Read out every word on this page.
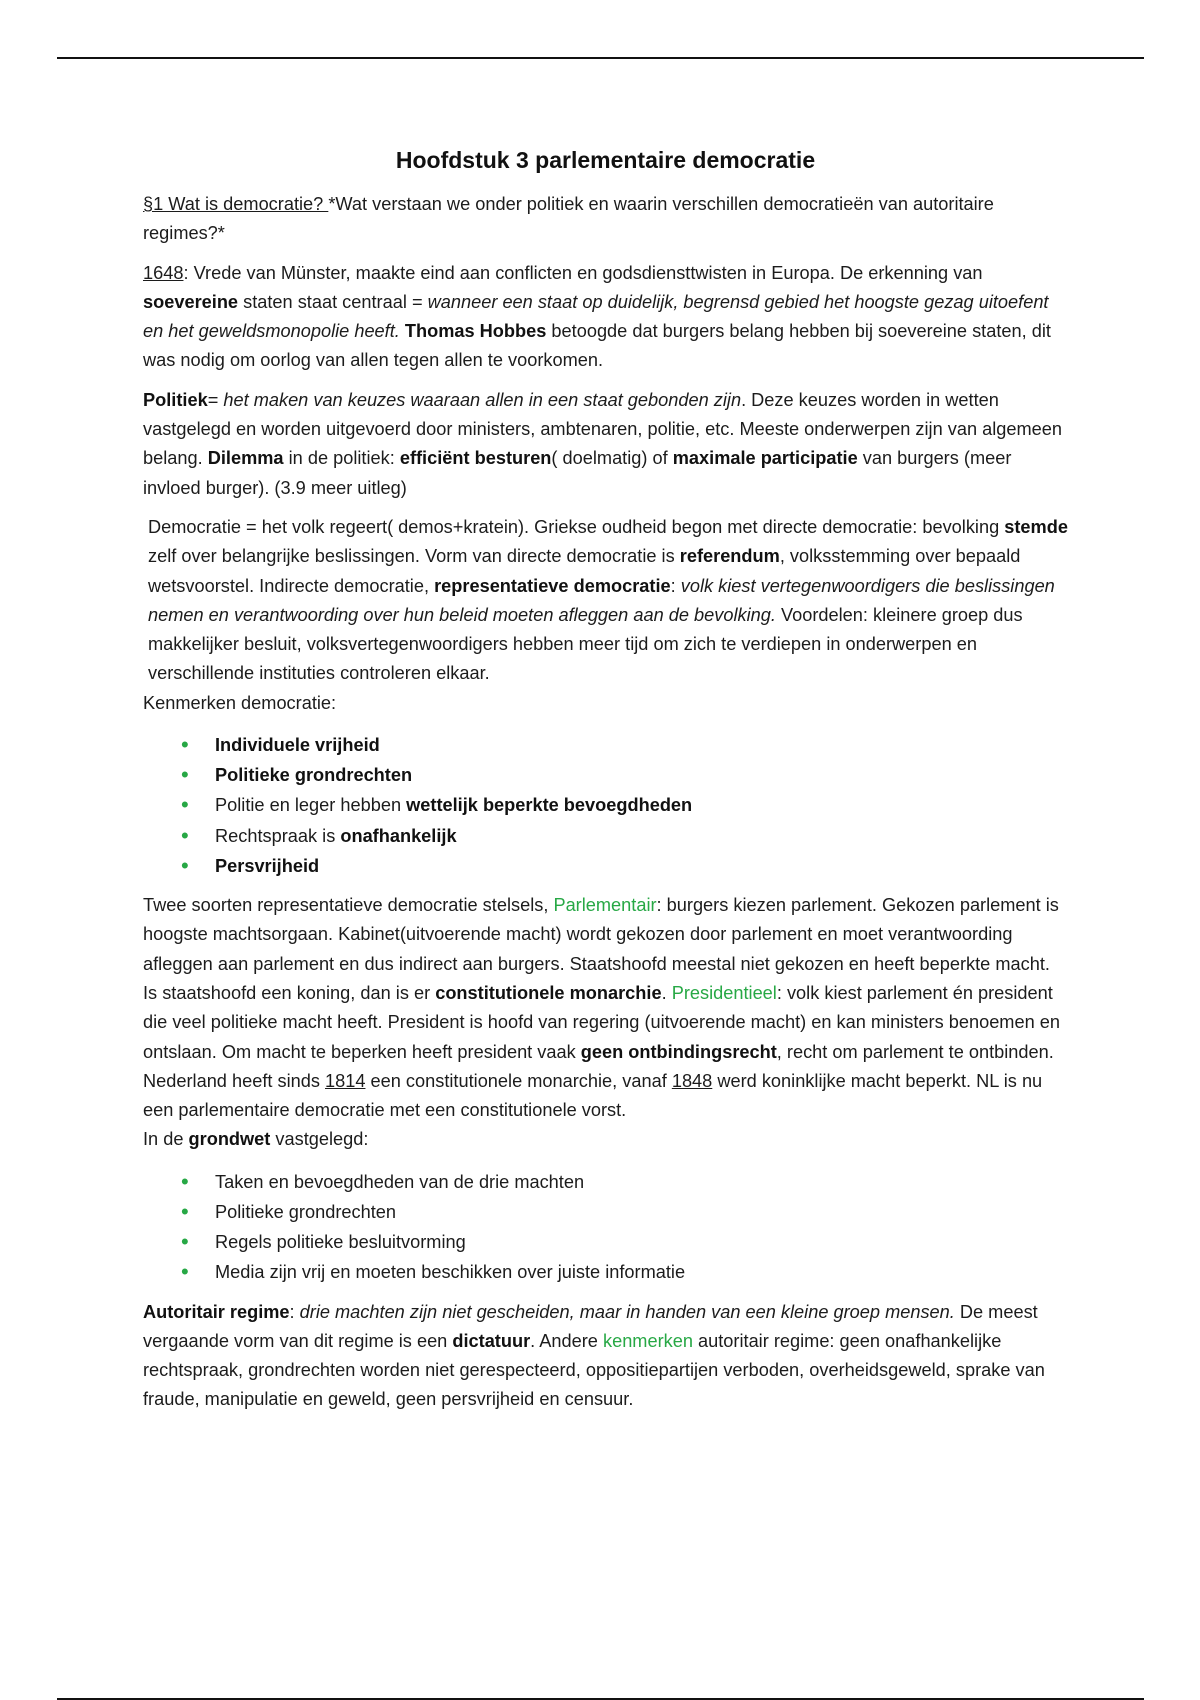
Hoofdstuk 3 parlementaire democratie

§1 Wat is democratie? *Wat verstaan we onder politiek en waarin verschillen democratieën van autoritaire regimes?*

1648: Vrede van Münster, maakte eind aan conflicten en godsdiensttwisten in Europa. De erkenning van soevereine staten staat centraal = wanneer een staat op duidelijk, begrensd gebied het hoogste gezag uitoefent en het geweldsmonopolie heeft. Thomas Hobbes betoogde dat burgers belang hebben bij soevereine staten, dit was nodig om oorlog van allen tegen allen te voorkomen.

Politiek= het maken van keuzes waaraan allen in een staat gebonden zijn. Deze keuzes worden in wetten vastgelegd en worden uitgevoerd door ministers, ambtenaren, politie, etc. Meeste onderwerpen zijn van algemeen belang. Dilemma in de politiek: efficiënt besturen( doelmatig) of maximale participatie van burgers (meer invloed burger). (3.9 meer uitleg)

Democratie = het volk regeert( demos+kratein). Griekse oudheid begon met directe democratie: bevolking stemde zelf over belangrijke beslissingen. Vorm van directe democratie is referendum, volksstemming over bepaald wetsvoorstel. Indirecte democratie, representatieve democratie: volk kiest vertegenwoordigers die beslissingen nemen en verantwoording over hun beleid moeten afleggen aan de bevolking. Voordelen: kleinere groep dus makkelijker besluit, volksvertegenwoordigers hebben meer tijd om zich te verdiepen in onderwerpen en verschillende instituties controleren elkaar.

Kenmerken democratie:

• Individuele vrijheid
• Politieke grondrechten
• Politie en leger hebben wettelijk beperkte bevoegdheden
• Rechtspraak is onafhankelijk
• Persvrijheid

Twee soorten representatieve democratie stelsels, Parlementair: burgers kiezen parlement. Gekozen parlement is hoogste machtsorgaan. Kabinet(uitvoerende macht) wordt gekozen door parlement en moet verantwoording afleggen aan parlement en dus indirect aan burgers. Staatshoofd meestal niet gekozen en heeft beperkte macht. Is staatshoofd een koning, dan is er constitutionele monarchie. Presidentieel: volk kiest parlement én president die veel politieke macht heeft. President is hoofd van regering (uitvoerende macht) en kan ministers benoemen en ontslaan. Om macht te beperken heeft president vaak geen ontbindingsrecht, recht om parlement te ontbinden. Nederland heeft sinds 1814 een constitutionele monarchie, vanaf 1848 werd koninklijke macht beperkt. NL is nu een parlementaire democratie met een constitutionele vorst.

In de grondwet vastgelegd:

• Taken en bevoegdheden van de drie machten
• Politieke grondrechten
• Regels politieke besluitvorming
• Media zijn vrij en moeten beschikken over juiste informatie

Autoritair regime: drie machten zijn niet gescheiden, maar in handen van een kleine groep mensen. De meest vergaande vorm van dit regime is een dictatuur. Andere kenmerken autoritair regime: geen onafhankelijke rechtspraak, grondrechten worden niet gerespecteerd, oppositiepartijen verboden, overheidsgeweld, sprake van fraude, manipulatie en geweld, geen persvrijheid en censuur.
